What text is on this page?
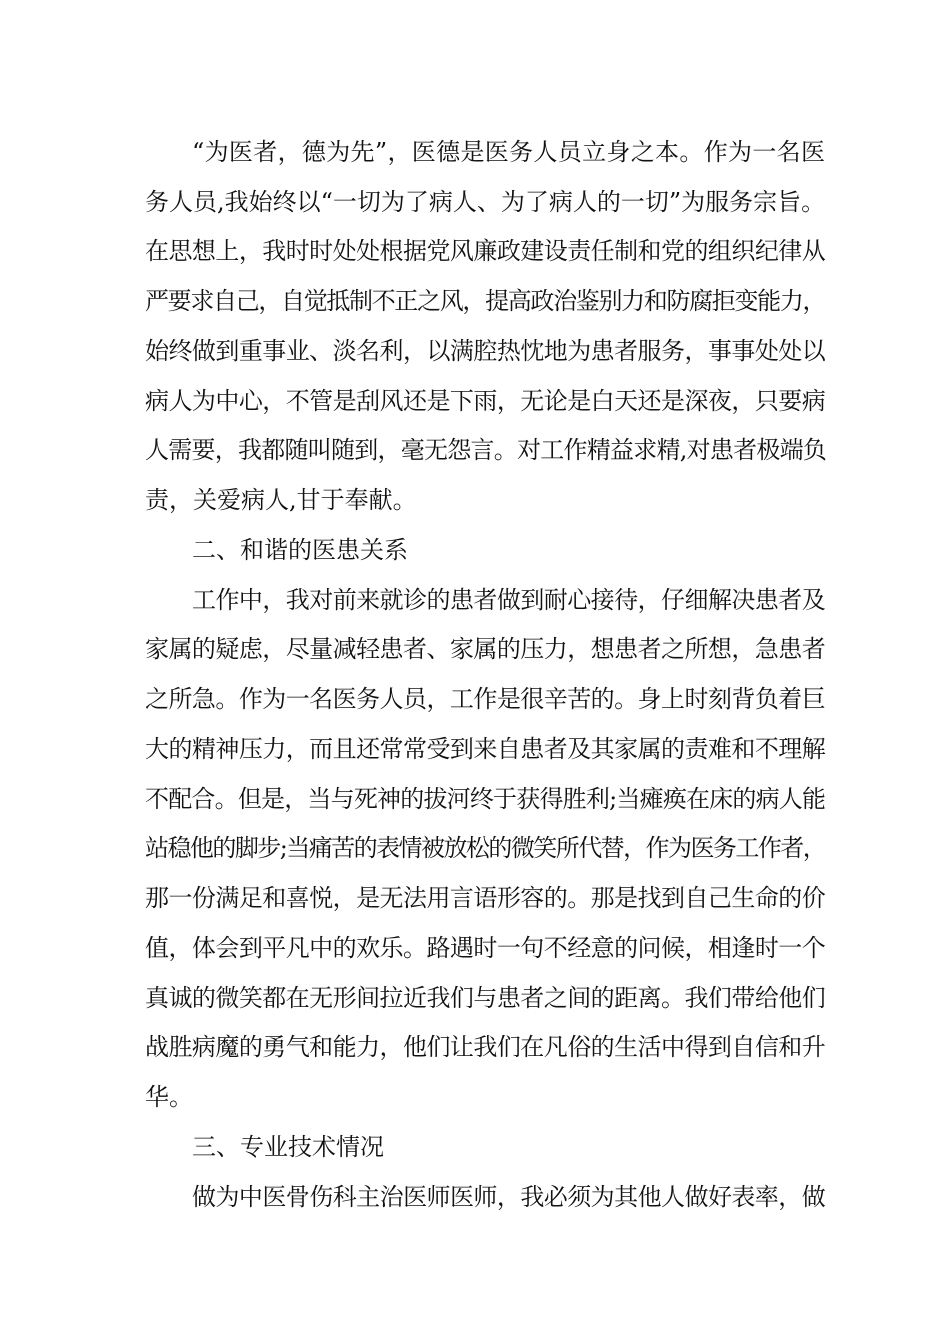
“为医者，德为先”，医德是医务人员立身之本。作为一名医
务人员,我始终以“一切为了病人、为了病人的一切”为服务宗旨。
在思想上，我时时处处根据党风廉政建设责任制和党的组织纪律从
严要求自己，自觉抵制不正之风，提高政治鉴别力和防腐拒变能力，
始终做到重事业、淡名利，以满腔热忱地为患者服务，事事处处以
病人为中心，不管是刮风还是下雨，无论是白天还是深夜，只要病
人需要，我都随叫随到，毫无怨言。对工作精益求精,对患者极端负
责，关爱病人,甘于奉献。
二、和谐的医患关系
工作中，我对前来就诊的患者做到耐心接待，仔细解决患者及
家属的疑虑，尽量减轻患者、家属的压力，想患者之所想，急患者
之所急。作为一名医务人员，工作是很辛苦的。身上时刻背负着巨
大的精神压力，而且还常常受到来自患者及其家属的责难和不理解
不配合。但是，当与死神的拔河终于获得胜利;当瘫痪在床的病人能
站稳他的脚步;当痛苦的表情被放松的微笑所代替，作为医务工作者，
那一份满足和喜悦，是无法用言语形容的。那是找到自己生命的价
值，体会到平凡中的欢乐。路遇时一句不经意的问候，相逢时一个
真诚的微笑都在无形间拉近我们与患者之间的距离。我们带给他们
战胜病魔的勇气和能力，他们让我们在凡俗的生活中得到自信和升
华。
三、专业技术情况
做为中医骨伤科主治医师医师，我必须为其他人做好表率，做
